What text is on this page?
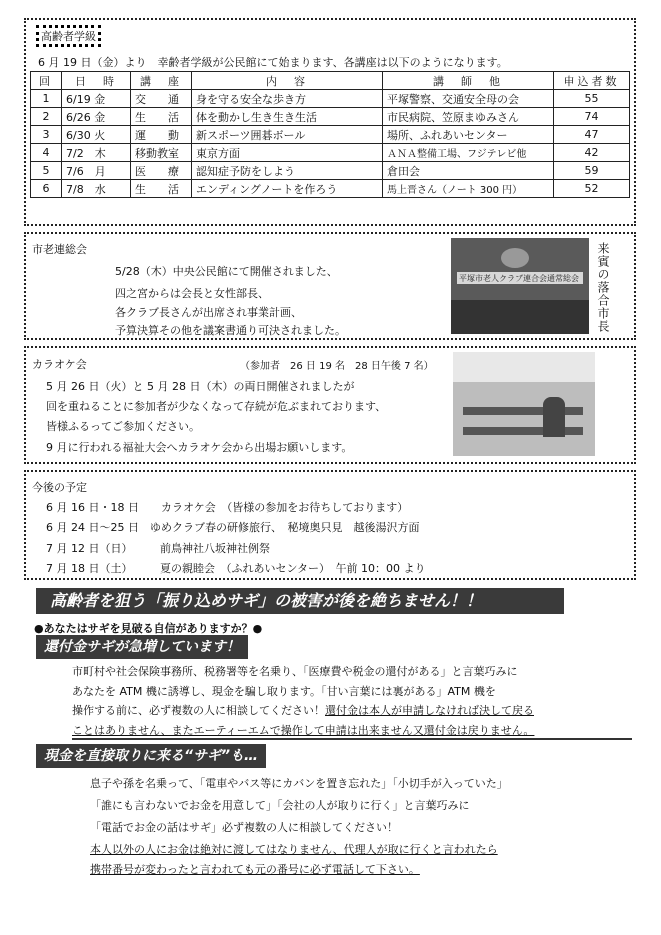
高齢者学級
6 月 19 日（金）より　幸齢者学級が公民館にて始まります、各講座は以下のようになります。
回	日　時	講　座	内　容	講　師　他	申込者数
1	6/19 金	交　　通	身を守る安全な歩き方	平塚警察、交通安全母の会	55
2	6/26 金	生　　活	体を動かし生き生き生活	市民病院、笠原まゆみさん	74
3	6/30 火	運　　動	新スポーツ囲碁ボール	場所、ふれあいセンター	47
4	7/2　木	移動教室	東京方面	ＡＮＡ整備工場、フジテレビ他	42
5	7/6　月	医　　療	認知症予防をしよう	倉田会	59
6	7/8　水	生　　活	エンディングノートを作ろう	馬上晋さん（ノート 300 円）	52
市老連総会
5/28（木）中央公民館にて開催されました、
四之宮からは会長と女性部長、
各クラブ長さんが出席され事業計画、
予算決算その他を議案書通り可決されました。
平塚市老人クラブ連合会通常総会 来賓の落合市長
カラオケ会	（参加者　26 日 19 名　28 日午後 7 名）
5 月 26 日（火）と 5 月 28 日（木）の両日開催されましたが
回を重ねることに参加者が少なくなって存続が危ぶまれております、
皆様ふるってご参加ください。
9 月に行われる福祉大会へカラオケ会から出場お願いします。
今後の予定
6 月 16 日・18 日　　カラオケ会　（皆様の参加をお待ちしております）
6 月 24 日～25 日　ゆめクラブ春の研修旅行、　秘境奥只見　越後湯沢方面
7 月 12 日（日）　　　前鳥神社八坂神社例祭
7 月 18 日（土）　　　夏の親睦会　（ふれあいセンター）　午前 10：00 より
高齢者を狙う「振り込めサギ」の被害が後を絶ちません！！
●あなたはサギを見破る自信がありますか？●
還付金サギが急増しています！
市町村や社会保険事務所、税務署等を名乗り、「医療費や税金の還付がある」と言葉巧みに
あなたを ATM 機に誘導し、現金を騙し取ります。「甘い言葉には裏がある」ATM 機を
操作する前に、必ず複数の人に相談してください！還付金は本人が申請しなければ決して戻る
ことはありません、またエーティーエムで操作して申請は出来ません又還付金は戻りません。
現金を直接取りに来る“サギ”も…
息子や孫を名乗って、「電車やバス等にカバンを置き忘れた」「小切手が入っていた」
「誰にも言わないでお金を用意して」「会社の人が取りに行く」と言葉巧みに
「電話でお金の話はサギ」必ず複数の人に相談してください！
本人以外の人にお金は絶対に渡してはなりません、代理人が取に行くと言われたら
携帯番号が変わったと言われても元の番号に必ず電話して下さい。
